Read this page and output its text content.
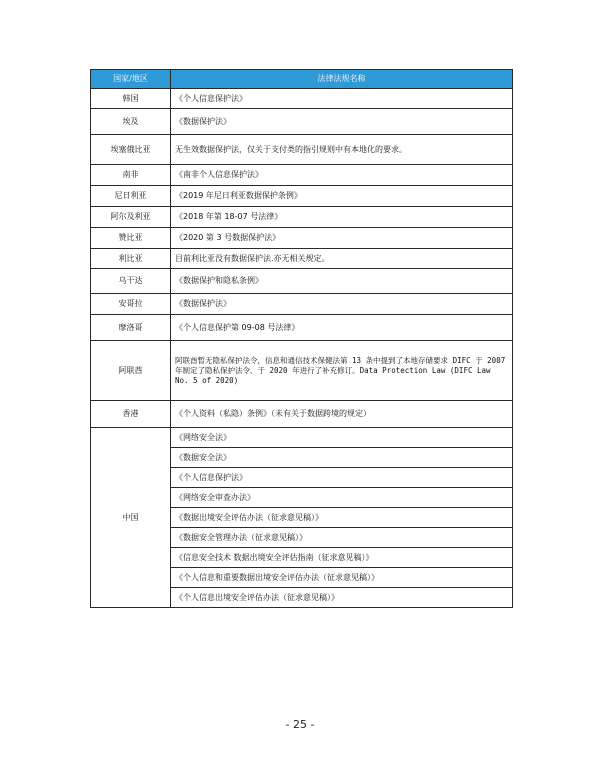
国家/地区	法律法规名称
韩国	《个人信息保护法》
埃及	《数据保护法》
埃塞俄比亚	无生效数据保护法，仅关于支付类的指引规则中有本地化的要求。
南非	《南非个人信息保护法》
尼日利亚	《2019 年尼日利亚数据保护条例》
阿尔及利亚	《2018 年第 18-07 号法律》
赞比亚	《2020 第 3 号数据保护法》
利比亚	目前利比亚没有数据保护法.亦无相关规定。
乌干达	《数据保护和隐私条例》
安哥拉	《数据保护法》
摩洛哥	《个人信息保护第 09-08 号法律》
阿联酋	阿联酋暂无隐私保护法令，信息和通信技术保健法第 13 条中提到了本地存储要求 DIFC 于 2007 年制定了隐私保护法令、于 2020 年进行了补充修订。Data Protection Law (DIFC Law No. 5 of 2020)
香港	《个人资料（私隐）条例》（未有关于数据跨境的规定）
中国	《网络安全法》
	《数据安全法》
	《个人信息保护法》
	《网络安全审查办法》
	《数据出境安全评估办法（征求意见稿）》
	《数据安全管理办法（征求意见稿）》
	《信息安全技术 数据出境安全评估指南（征求意见稿）》
	《个人信息和重要数据出境安全评估办法（征求意见稿）》
	《个人信息出境安全评估办法（征求意见稿）》
- 25 -
